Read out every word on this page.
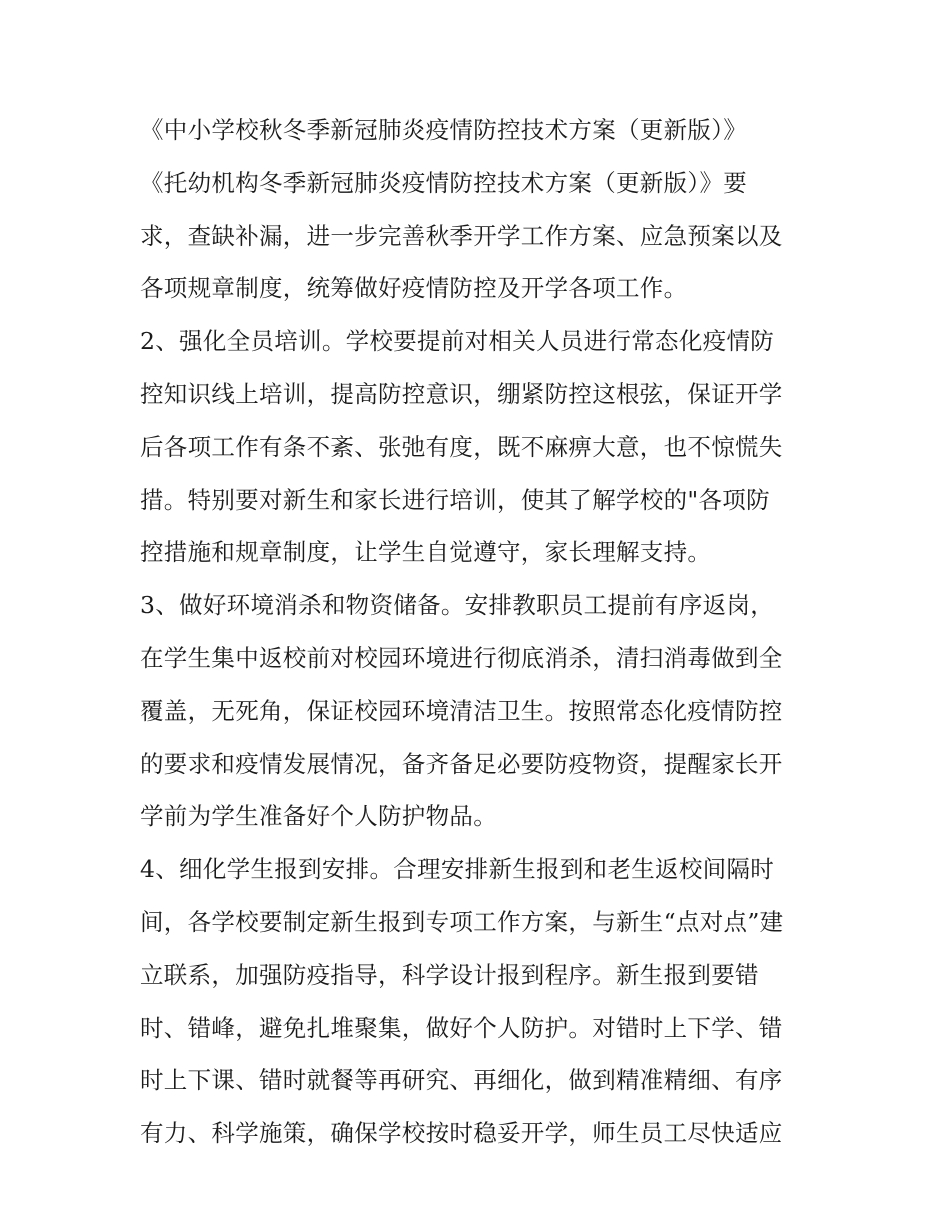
《中小学校秋冬季新冠肺炎疫情防控技术方案（更新版）》
《托幼机构冬季新冠肺炎疫情防控技术方案（更新版）》要
求，查缺补漏，进一步完善秋季开学工作方案、应急预案以及
各项规章制度，统筹做好疫情防控及开学各项工作。
2、强化全员培训。学校要提前对相关人员进行常态化疫情防
控知识线上培训，提高防控意识，绷紧防控这根弦，保证开学
后各项工作有条不紊、张弛有度，既不麻痹大意，也不惊慌失
措。特别要对新生和家长进行培训，使其了解学校的"各项防
控措施和规章制度，让学生自觉遵守，家长理解支持。
3、做好环境消杀和物资储备。安排教职员工提前有序返岗，
在学生集中返校前对校园环境进行彻底消杀，清扫消毒做到全
覆盖，无死角，保证校园环境清洁卫生。按照常态化疫情防控
的要求和疫情发展情况，备齐备足必要防疫物资，提醒家长开
学前为学生准备好个人防护物品。
4、细化学生报到安排。合理安排新生报到和老生返校间隔时
间，各学校要制定新生报到专项工作方案，与新生“点对点”建
立联系，加强防疫指导，科学设计报到程序。新生报到要错
时、错峰，避免扎堆聚集，做好个人防护。对错时上下学、错
时上下课、错时就餐等再研究、再细化，做到精准精细、有序
有力、科学施策，确保学校按时稳妥开学，师生员工尽快适应
